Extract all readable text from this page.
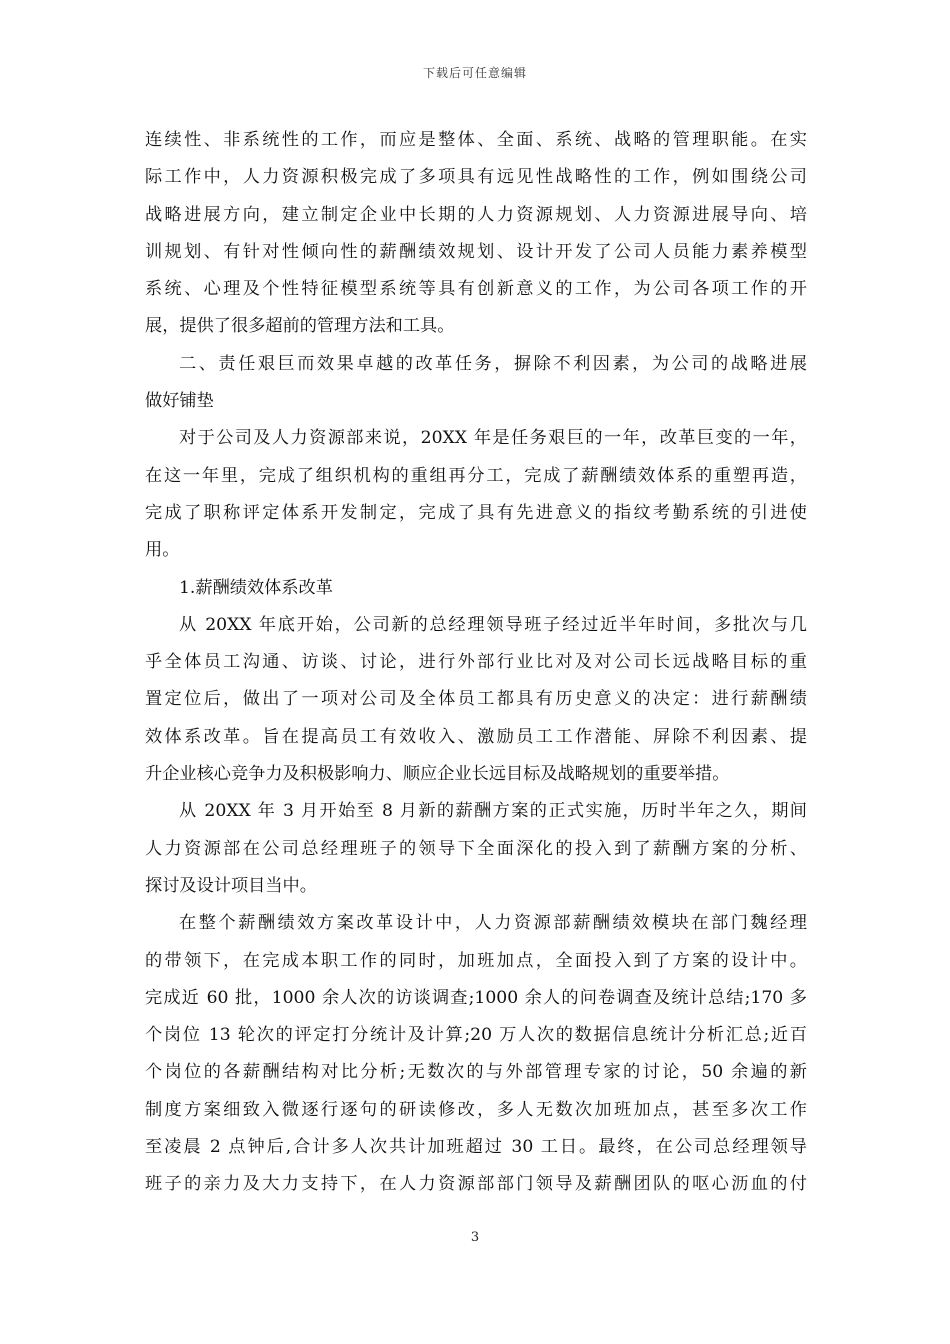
下载后可任意编辑
连续性、非系统性的工作，而应是整体、全面、系统、战略的管理职能。在实
际工作中，人力资源积极完成了多项具有远见性战略性的工作，例如围绕公司
战略进展方向，建立制定企业中长期的人力资源规划、人力资源进展导向、培
训规划、有针对性倾向性的薪酬绩效规划、设计开发了公司人员能力素养模型
系统、心理及个性特征模型系统等具有创新意义的工作，为公司各项工作的开
展，提供了很多超前的管理方法和工具。
二、责任艰巨而效果卓越的改革任务，摒除不利因素，为公司的战略进展
做好铺垫
对于公司及人力资源部来说，20XX 年是任务艰巨的一年，改革巨变的一年，
在这一年里，完成了组织机构的重组再分工，完成了薪酬绩效体系的重塑再造，
完成了职称评定体系开发制定，完成了具有先进意义的指纹考勤系统的引进使
用。
1.薪酬绩效体系改革
从 20XX 年底开始，公司新的总经理领导班子经过近半年时间，多批次与几
乎全体员工沟通、访谈、讨论，进行外部行业比对及对公司长远战略目标的重
置定位后，做出了一项对公司及全体员工都具有历史意义的决定：进行薪酬绩
效体系改革。旨在提高员工有效收入、激励员工工作潜能、屏除不利因素、提
升企业核心竞争力及积极影响力、顺应企业长远目标及战略规划的重要举措。
从 20XX 年 3 月开始至 8 月新的薪酬方案的正式实施，历时半年之久，期间
人力资源部在公司总经理班子的领导下全面深化的投入到了薪酬方案的分析、
探讨及设计项目当中。
在整个薪酬绩效方案改革设计中，人力资源部薪酬绩效模块在部门魏经理
的带领下，在完成本职工作的同时，加班加点，全面投入到了方案的设计中。
完成近 60 批，1000 余人次的访谈调查;1000 余人的问卷调查及统计总结;170 多
个岗位 13 轮次的评定打分统计及计算;20 万人次的数据信息统计分析汇总;近百
个岗位的各薪酬结构对比分析;无数次的与外部管理专家的讨论，50 余遍的新
制度方案细致入微逐行逐句的研读修改，多人无数次加班加点，甚至多次工作
至凌晨 2 点钟后,合计多人次共计加班超过 30 工日。最终，在公司总经理领导
班子的亲力及大力支持下，在人力资源部部门领导及薪酬团队的呕心沥血的付
3
